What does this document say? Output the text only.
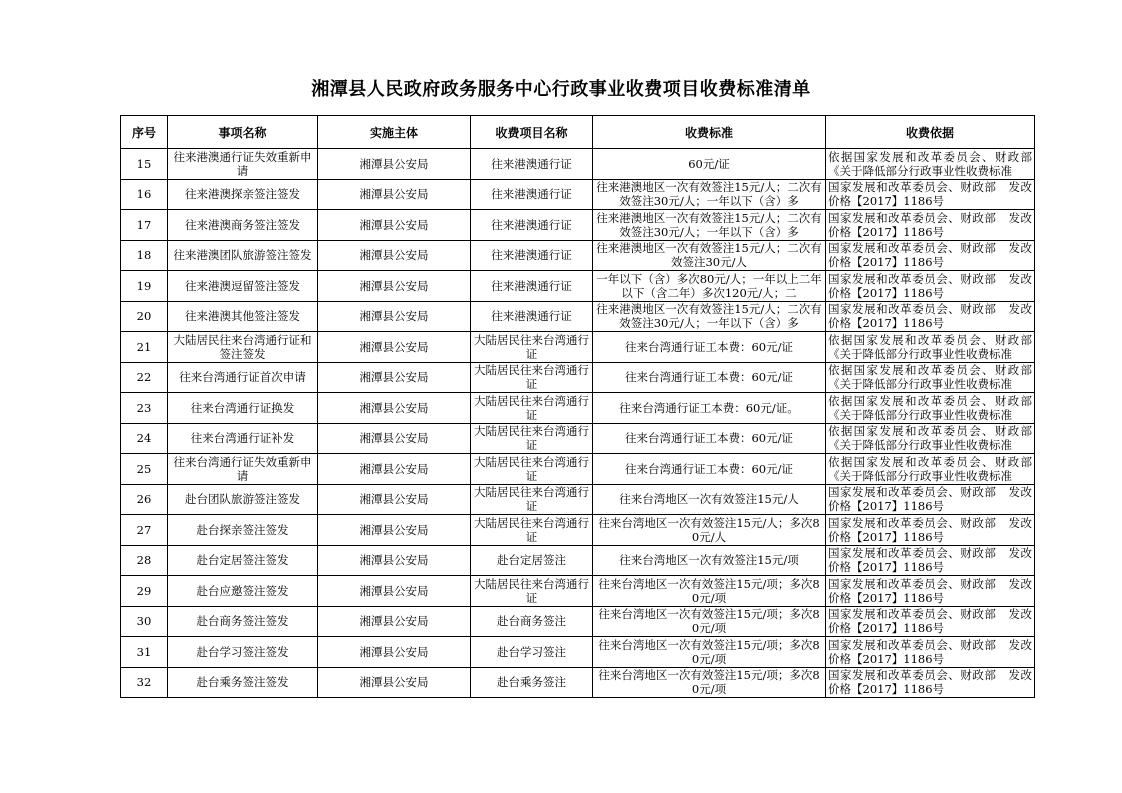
湘潭县人民政府政务服务中心行政事业收费项目收费标准清单
序号	事项名称	实施主体	收费项目名称	收费标准	收费依据

15	往来港澳通行证失效重新申请	湘潭县公安局	往来港澳通行证	60元/证	依据国家发展和改革委员会、财政部《关于降低部分行政事业性收费标准

16	往来港澳探亲签注签发	湘潭县公安局	往来港澳通行证	往来港澳地区一次有效签注15元/人；二次有效签注30元/人；一年以下（含）多	国家发展和改革委员会、财政部　发改价格【2017】1186号

17	往来港澳商务签注签发	湘潭县公安局	往来港澳通行证	往来港澳地区一次有效签注15元/人；二次有效签注30元/人；一年以下（含）多	国家发展和改革委员会、财政部　发改价格【2017】1186号

18	往来港澳团队旅游签注签发	湘潭县公安局	往来港澳通行证	往来港澳地区一次有效签注15元/人；二次有效签注30元/人	国家发展和改革委员会、财政部　发改价格【2017】1186号

19	往来港澳逗留签注签发	湘潭县公安局	往来港澳通行证	一年以下（含）多次80元/人；一年以上二年以下（含二年）多次120元/人；二	国家发展和改革委员会、财政部　发改价格【2017】1186号

20	往来港澳其他签注签发	湘潭县公安局	往来港澳通行证	往来港澳地区一次有效签注15元/人；二次有效签注30元/人；一年以下（含）多	国家发展和改革委员会、财政部　发改价格【2017】1186号

21	大陆居民往来台湾通行证和签注签发	湘潭县公安局	大陆居民往来台湾通行证	往来台湾通行证工本费：60元/证	依据国家发展和改革委员会、财政部《关于降低部分行政事业性收费标准

22	往来台湾通行证首次申请	湘潭县公安局	大陆居民往来台湾通行证	往来台湾通行证工本费：60元/证	依据国家发展和改革委员会、财政部《关于降低部分行政事业性收费标准

23	往来台湾通行证换发	湘潭县公安局	大陆居民往来台湾通行证	往来台湾通行证工本费：60元/证。	依据国家发展和改革委员会、财政部《关于降低部分行政事业性收费标准

24	往来台湾通行证补发	湘潭县公安局	大陆居民往来台湾通行证	往来台湾通行证工本费：60元/证	依据国家发展和改革委员会、财政部《关于降低部分行政事业性收费标准

25	往来台湾通行证失效重新申请	湘潭县公安局	大陆居民往来台湾通行证	往来台湾通行证工本费：60元/证	依据国家发展和改革委员会、财政部《关于降低部分行政事业性收费标准

26	赴台团队旅游签注签发	湘潭县公安局	大陆居民往来台湾通行证	往来台湾地区一次有效签注15元/人	国家发展和改革委员会、财政部　发改价格【2017】1186号

27	赴台探亲签注签发	湘潭县公安局	大陆居民往来台湾通行证	往来台湾地区一次有效签注15元/人；多次80元/人	国家发展和改革委员会、财政部　发改价格【2017】1186号

28	赴台定居签注签发	湘潭县公安局	赴台定居签注	往来台湾地区一次有效签注15元/项	国家发展和改革委员会、财政部　发改价格【2017】1186号

29	赴台应邀签注签发	湘潭县公安局	大陆居民往来台湾通行证	往来台湾地区一次有效签注15元/项；多次80元/项	国家发展和改革委员会、财政部　发改价格【2017】1186号

30	赴台商务签注签发	湘潭县公安局	赴台商务签注	往来台湾地区一次有效签注15元/项；多次80元/项	国家发展和改革委员会、财政部　发改价格【2017】1186号

31	赴台学习签注签发	湘潭县公安局	赴台学习签注	往来台湾地区一次有效签注15元/项；多次80元/项	国家发展和改革委员会、财政部　发改价格【2017】1186号

32	赴台乘务签注签发	湘潭县公安局	赴台乘务签注	往来台湾地区一次有效签注15元/项；多次80元/项	国家发展和改革委员会、财政部　发改价格【2017】1186号
